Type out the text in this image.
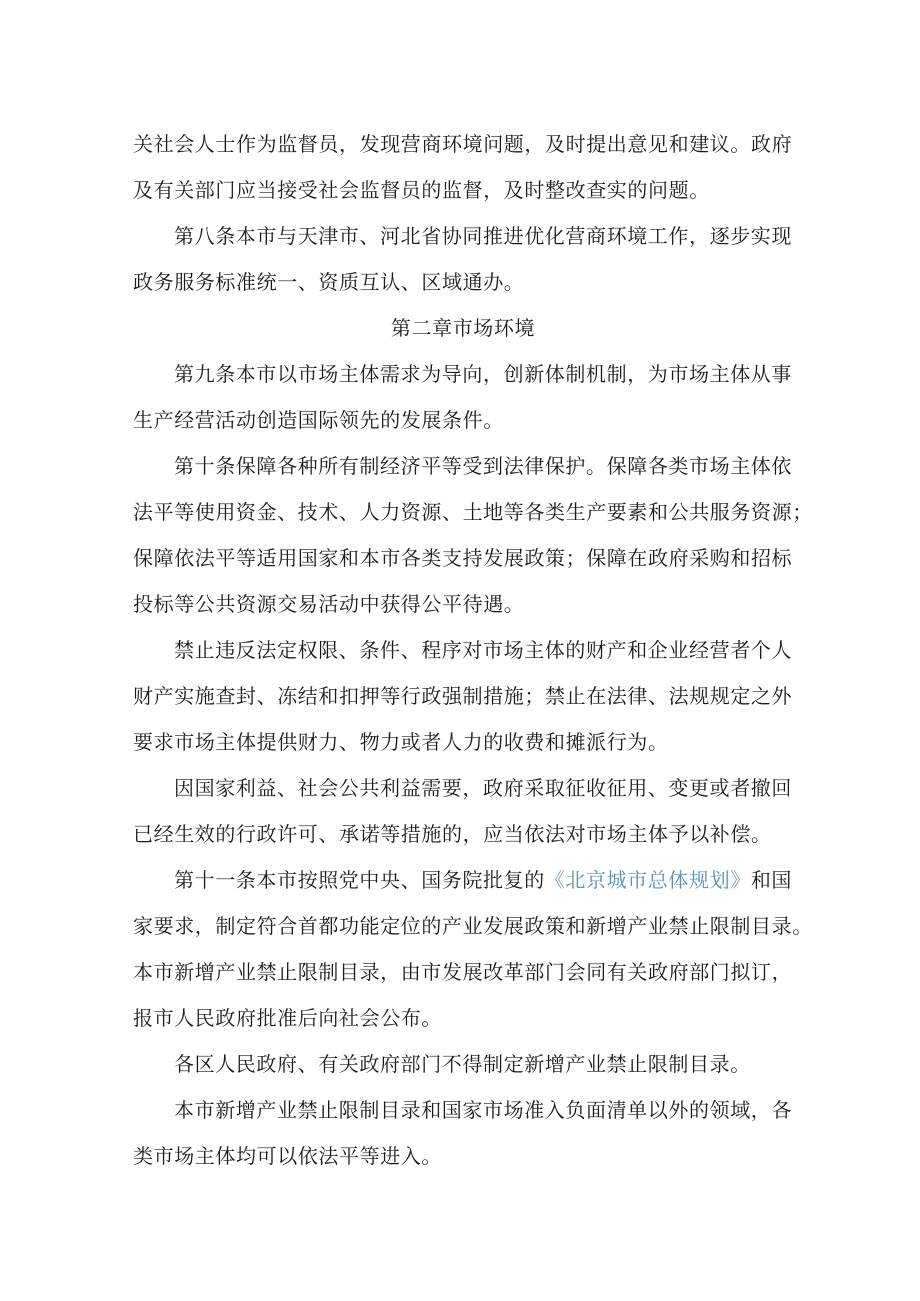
关社会人士作为监督员，发现营商环境问题，及时提出意见和建议。政府
及有关部门应当接受社会监督员的监督，及时整改查实的问题。
第八条本市与天津市、河北省协同推进优化营商环境工作，逐步实现
政务服务标准统一、资质互认、区域通办。
第二章市场环境
第九条本市以市场主体需求为导向，创新体制机制，为市场主体从事
生产经营活动创造国际领先的发展条件。
第十条保障各种所有制经济平等受到法律保护。保障各类市场主体依
法平等使用资金、技术、人力资源、土地等各类生产要素和公共服务资源；
保障依法平等适用国家和本市各类支持发展政策；保障在政府采购和招标
投标等公共资源交易活动中获得公平待遇。
禁止违反法定权限、条件、程序对市场主体的财产和企业经营者个人
财产实施查封、冻结和扣押等行政强制措施；禁止在法律、法规规定之外
要求市场主体提供财力、物力或者人力的收费和摊派行为。
因国家利益、社会公共利益需要，政府采取征收征用、变更或者撤回
已经生效的行政许可、承诺等措施的，应当依法对市场主体予以补偿。
第十一条本市按照党中央、国务院批复的《北京城市总体规划》和国
家要求，制定符合首都功能定位的产业发展政策和新增产业禁止限制目录。
本市新增产业禁止限制目录，由市发展改革部门会同有关政府部门拟订，
报市人民政府批准后向社会公布。
各区人民政府、有关政府部门不得制定新增产业禁止限制目录。
本市新增产业禁止限制目录和国家市场准入负面清单以外的领域，各
类市场主体均可以依法平等进入。
